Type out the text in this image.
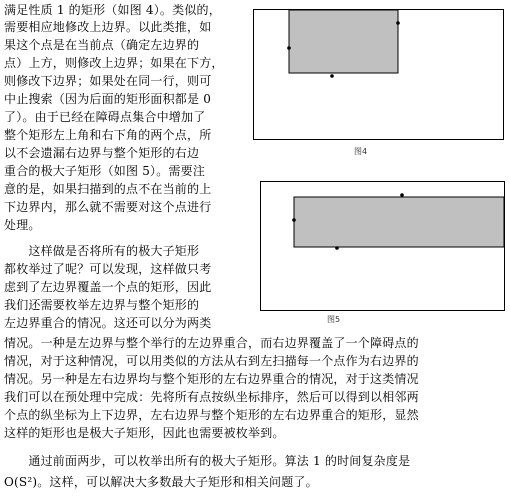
满足性质 1 的矩形（如图 4）。类似的，
需要相应地修改上边界。以此类推，如
果这个点是在当前点（确定左边界的
点）上方，则修改上边界；如果在下方，
则修改下边界；如果处在同一行，则可
中止搜索（因为后面的矩形面积都是 0
了）。由于已经在障碍点集合中增加了
整个矩形左上角和右下角的两个点，所
以不会遗漏右边界与整个矩形的右边
重合的极大子矩形（如图 5）。需要注
意的是，如果扫描到的点不在当前的上
下边界内，那么就不需要对这个点进行
处理。
　　这样做是否将所有的极大子矩形
都枚举过了呢？可以发现，这样做只考
虑到了左边界覆盖一个点的矩形，因此
我们还需要枚举左边界与整个矩形的
左边界重合的情况。这还可以分为两类
情况。一种是左边界与整个举行的左边界重合，而右边界覆盖了一个障碍点的
情况，对于这种情况，可以用类似的方法从右到左扫描每一个点作为右边界的
情况。另一种是左右边界均与整个矩形的左右边界重合的情况，对于这类情况
我们可以在预处理中完成：先将所有点按纵坐标排序，然后可以得到以相邻两
个点的纵坐标为上下边界，左右边界与整个矩形的左右边界重合的矩形，显然
这样的矩形也是极大子矩形，因此也需要被枚举到。
　　通过前面两步，可以枚举出所有的极大子矩形。算法 1 的时间复杂度是
O(S²)。这样，可以解决大多数最大子矩形和相关问题了。
图4
图5
